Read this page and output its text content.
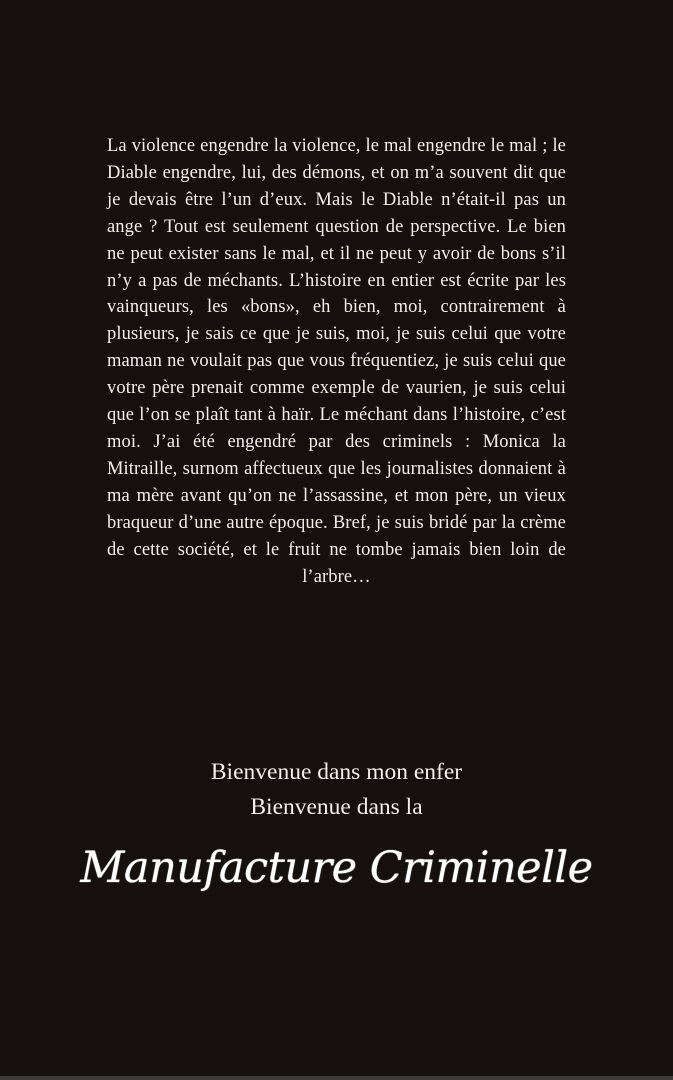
La violence engendre la violence, le mal engendre le mal ; le Diable engendre, lui, des démons, et on m’a souvent dit que je devais être l’un d’eux. Mais le Diable n’était-il pas un ange ? Tout est seulement question de perspective. Le bien ne peut exister sans le mal, et il ne peut y avoir de bons s’il n’y a pas de méchants. L’histoire en entier est écrite par les vainqueurs, les «bons», eh bien, moi, contrairement à plusieurs, je sais ce que je suis, moi, je suis celui que votre maman ne voulait pas que vous fréquentiez, je suis celui que votre père prenait comme exemple de vaurien, je suis celui que l’on se plaît tant à haïr. Le méchant dans l’histoire, c’est moi. J’ai été engendré par des criminels : Monica la Mitraille, surnom affectueux que les journalistes donnaient à ma mère avant qu’on ne l’assassine, et mon père, un vieux braqueur d’une autre époque. Bref, je suis bridé par la crème de cette société, et le fruit ne tombe jamais bien loin de l’arbre…

Bienvenue dans mon enfer
Bienvenue dans la
Manufacture Criminelle
